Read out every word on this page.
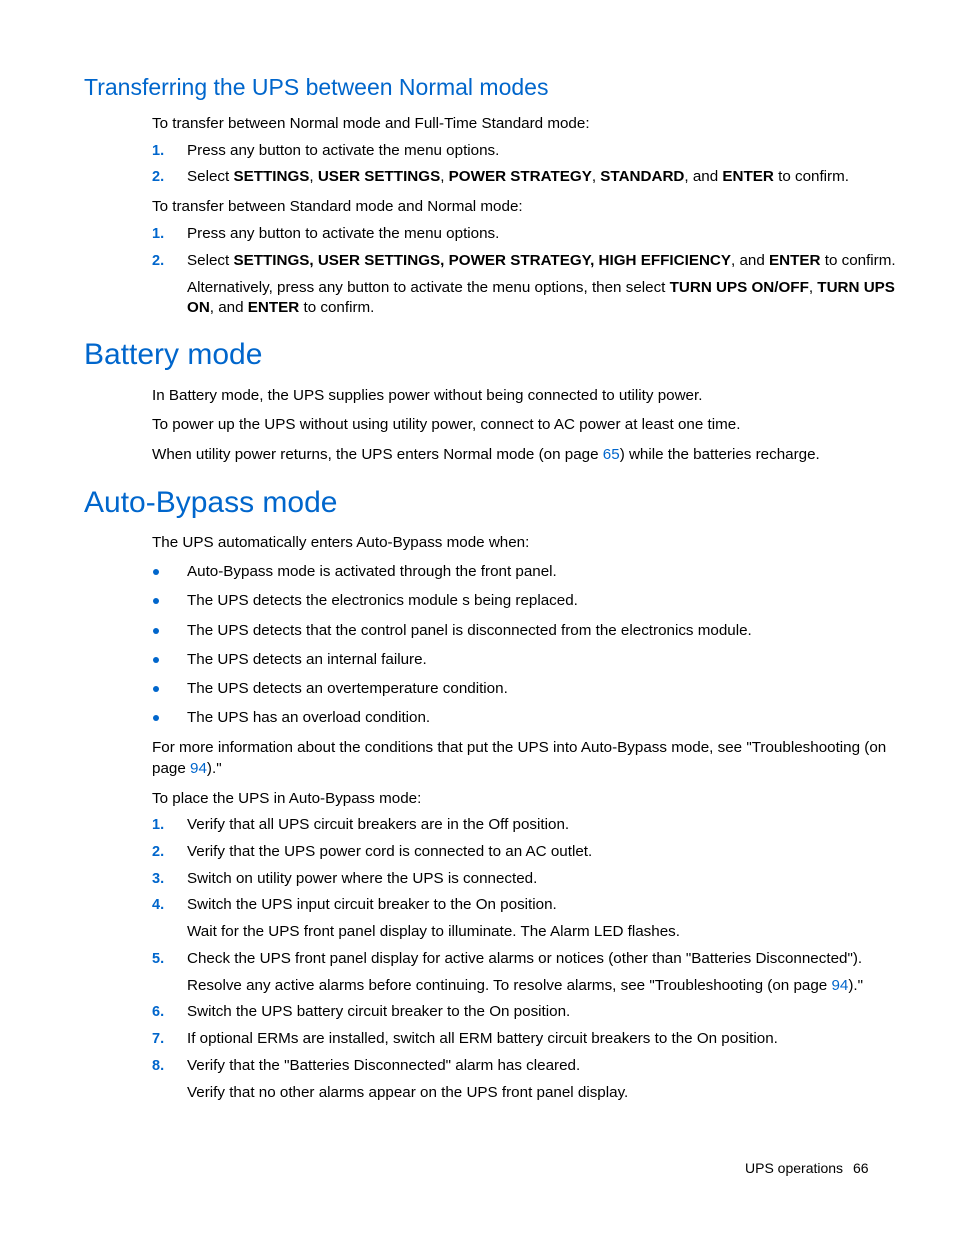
Transferring the UPS between Normal modes
To transfer between Normal mode and Full-Time Standard mode:
1. Press any button to activate the menu options.
2. Select SETTINGS, USER SETTINGS, POWER STRATEGY, STANDARD, and ENTER to confirm.
To transfer between Standard mode and Normal mode:
1. Press any button to activate the menu options.
2. Select SETTINGS, USER SETTINGS, POWER STRATEGY, HIGH EFFICIENCY, and ENTER to confirm.
Alternatively, press any button to activate the menu options, then select TURN UPS ON/OFF, TURN UPS
ON, and ENTER to confirm.
Battery mode
In Battery mode, the UPS supplies power without being connected to utility power.
To power up the UPS without using utility power, connect to AC power at least one time.
When utility power returns, the UPS enters Normal mode (on page 65) while the batteries recharge.
Auto-Bypass mode
The UPS automatically enters Auto-Bypass mode when:
Auto-Bypass mode is activated through the front panel.
The UPS detects the electronics module s being replaced.
The UPS detects that the control panel is disconnected from the electronics module.
The UPS detects an internal failure.
The UPS detects an overtemperature condition.
The UPS has an overload condition.
For more information about the conditions that put the UPS into Auto-Bypass mode, see "Troubleshooting (on
page 94)."
To place the UPS in Auto-Bypass mode:
1. Verify that all UPS circuit breakers are in the Off position.
2. Verify that the UPS power cord is connected to an AC outlet.
3. Switch on utility power where the UPS is connected.
4. Switch the UPS input circuit breaker to the On position.
Wait for the UPS front panel display to illuminate. The Alarm LED flashes.
5. Check the UPS front panel display for active alarms or notices (other than "Batteries Disconnected").
Resolve any active alarms before continuing. To resolve alarms, see "Troubleshooting (on page 94)."
6. Switch the UPS battery circuit breaker to the On position.
7. If optional ERMs are installed, switch all ERM battery circuit breakers to the On position.
8. Verify that the "Batteries Disconnected" alarm has cleared.
Verify that no other alarms appear on the UPS front panel display.
UPS operations 66
